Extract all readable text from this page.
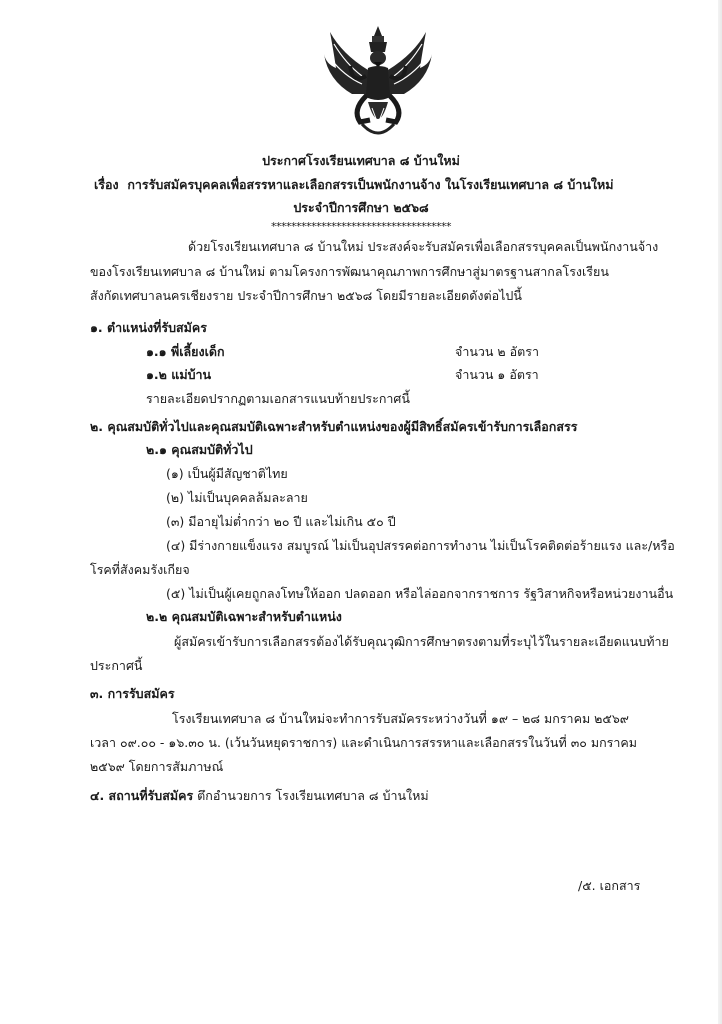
ประกาศโรงเรียนเทศบาล ๘ บ้านใหม่
เรื่อง การรับสมัครบุคคลเพื่อสรรหาและเลือกสรรเป็นพนักงานจ้าง ในโรงเรียนเทศบาล ๘ บ้านใหม่
ประจำปีการศึกษา ๒๕๖๘
************************************
ด้วยโรงเรียนเทศบาล ๘ บ้านใหม่ ประสงค์จะรับสมัครเพื่อเลือกสรรบุคคลเป็นพนักงานจ้าง
ของโรงเรียนเทศบาล ๘ บ้านใหม่ ตามโครงการพัฒนาคุณภาพการศึกษาสู่มาตรฐานสากลโรงเรียน
สังกัดเทศบาลนครเชียงราย ประจำปีการศึกษา ๒๕๖๘ โดยมีรายละเอียดดังต่อไปนี้
๑. ตำแหน่งที่รับสมัคร
๑.๑ พี่เลี้ยงเด็ก	จำนวน ๒ อัตรา
๑.๒ แม่บ้าน	จำนวน ๑ อัตรา
รายละเอียดปรากฏตามเอกสารแนบท้ายประกาศนี้
๒. คุณสมบัติทั่วไปและคุณสมบัติเฉพาะสำหรับตำแหน่งของผู้มีสิทธิ์สมัครเข้ารับการเลือกสรร
๒.๑ คุณสมบัติทั่วไป
(๑) เป็นผู้มีสัญชาติไทย
(๒) ไม่เป็นบุคคลล้มละลาย
(๓) มีอายุไม่ต่ำกว่า ๒๐ ปี และไม่เกิน ๕๐ ปี
(๔) มีร่างกายแข็งแรง สมบูรณ์ ไม่เป็นอุปสรรคต่อการทำงาน ไม่เป็นโรคติดต่อร้ายแรง และ/หรือ
โรคที่สังคมรังเกียจ
(๕) ไม่เป็นผู้เคยถูกลงโทษให้ออก ปลดออก หรือไล่ออกจากราชการ รัฐวิสาหกิจหรือหน่วยงานอื่น
๒.๒ คุณสมบัติเฉพาะสำหรับตำแหน่ง
ผู้สมัครเข้ารับการเลือกสรรต้องได้รับคุณวุฒิการศึกษาตรงตามที่ระบุไว้ในรายละเอียดแนบท้าย
ประกาศนี้
๓. การรับสมัคร
โรงเรียนเทศบาล ๘ บ้านใหม่จะทำการรับสมัครระหว่างวันที่ ๑๙ – ๒๘ มกราคม ๒๕๖๙
เวลา ๐๙.๐๐ - ๑๖.๓๐ น. (เว้นวันหยุดราชการ) และดำเนินการสรรหาและเลือกสรรในวันที่ ๓๐ มกราคม
๒๕๖๙ โดยการสัมภาษณ์
๔. สถานที่รับสมัคร ตึกอำนวยการ โรงเรียนเทศบาล ๘ บ้านใหม่
/๕. เอกสาร
